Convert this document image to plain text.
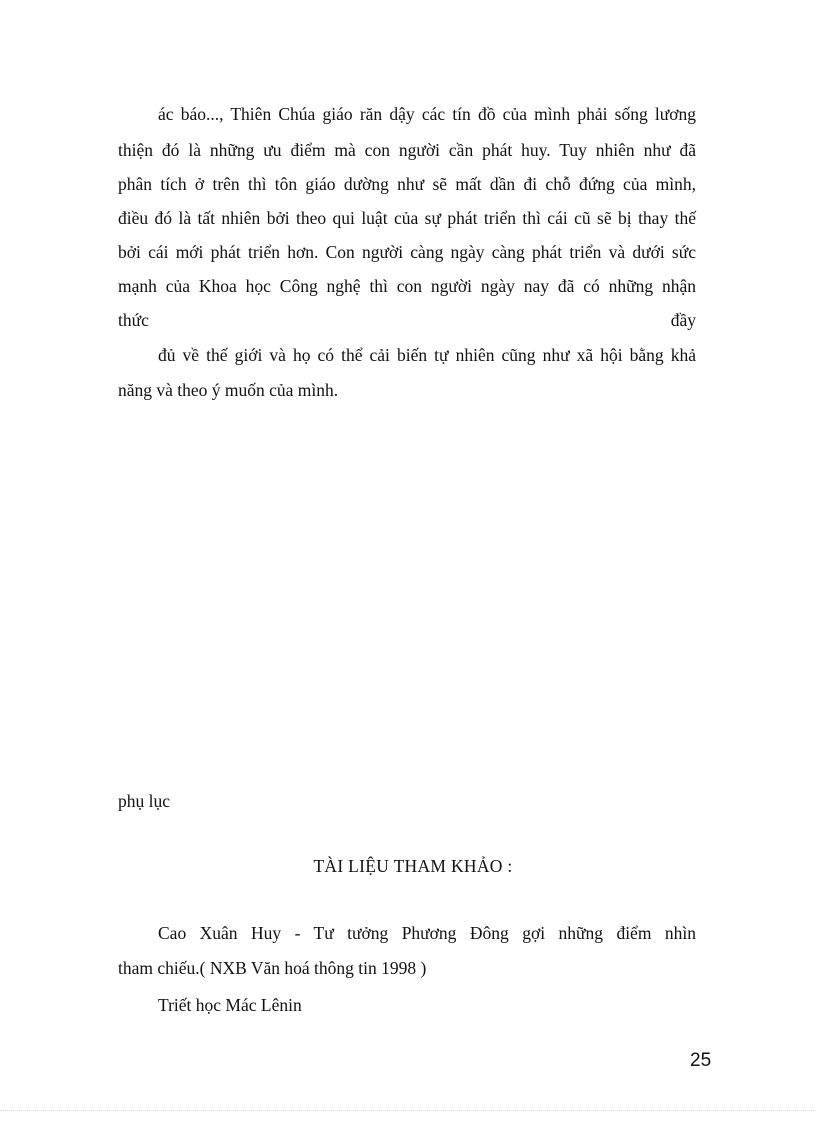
ác báo..., Thiên Chúa giáo răn dậy các tín đồ của mình phải sống lương

thiện đó là những ưu điểm mà con người cần phát huy. Tuy nhiên như đã

phân tích ở trên thì tôn giáo dường như sẽ mất dần đi chỗ đứng của mình,

điều đó là tất nhiên bởi theo qui luật của sự phát triển thì cái cũ sẽ bị thay thế

bởi cái mới phát triển hơn. Con người càng ngày càng phát triển và dưới sức

mạnh của Khoa học Công nghệ thì con người ngày nay đã có những nhận

thức	đầy

đủ về thế giới và họ có thể cải biến tự nhiên cũng như xã hội bằng khả

năng và theo ý muốn của mình.

phụ lục

TÀI LIỆU THAM KHẢO :

Cao Xuân Huy - Tư tưởng Phương Đông gợi những điểm nhìn

tham chiếu.( NXB Văn hoá thông tin 1998 )

Triết học Mác Lênin

25
